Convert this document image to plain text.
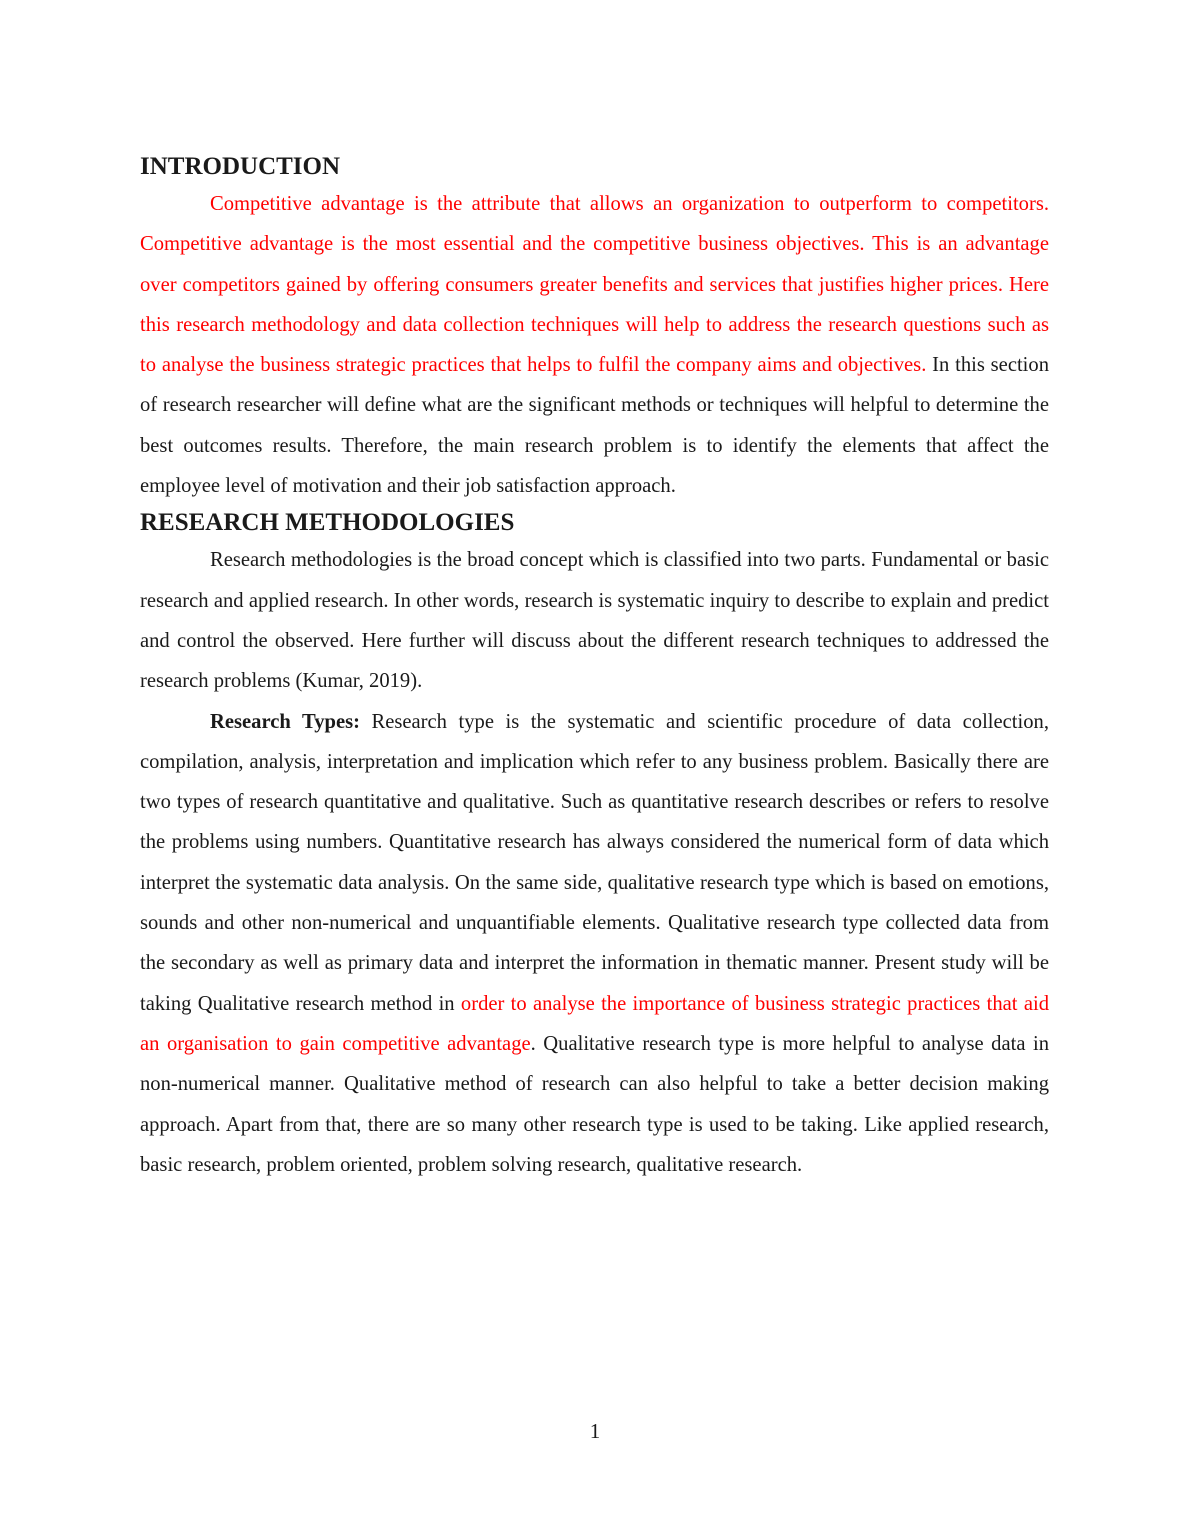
INTRODUCTION

Competitive advantage is the attribute that allows an organization to outperform to competitors. Competitive advantage is the most essential and the competitive business objectives. This is an advantage over competitors gained by offering consumers greater benefits and services that justifies higher prices. Here this research methodology and data collection techniques will help to address the research questions such as to analyse the business strategic practices that helps to fulfil the company aims and objectives. In this section of research researcher will define what are the significant methods or techniques will helpful to determine the best outcomes results. Therefore, the main research problem is to identify the elements that affect the employee level of motivation and their job satisfaction approach.

RESEARCH METHODOLOGIES

Research methodologies is the broad concept which is classified into two parts. Fundamental or basic research and applied research. In other words, research is systematic inquiry to describe to explain and predict and control the observed. Here further will discuss about the different research techniques to addressed the research problems (Kumar, 2019).

Research Types: Research type is the systematic and scientific procedure of data collection, compilation, analysis, interpretation and implication which refer to any business problem. Basically there are two types of research quantitative and qualitative. Such as quantitative research describes or refers to resolve the problems using numbers. Quantitative research has always considered the numerical form of data which interpret the systematic data analysis. On the same side, qualitative research type which is based on emotions, sounds and other non-numerical and unquantifiable elements. Qualitative research type collected data from the secondary as well as primary data and interpret the information in thematic manner. Present study will be taking Qualitative research method in order to analyse the importance of business strategic practices that aid an organisation to gain competitive advantage. Qualitative research type is more helpful to analyse data in non-numerical manner. Qualitative method of research can also helpful to take a better decision making approach. Apart from that, there are so many other research type is used to be taking. Like applied research, basic research, problem oriented, problem solving research, qualitative research.

1
